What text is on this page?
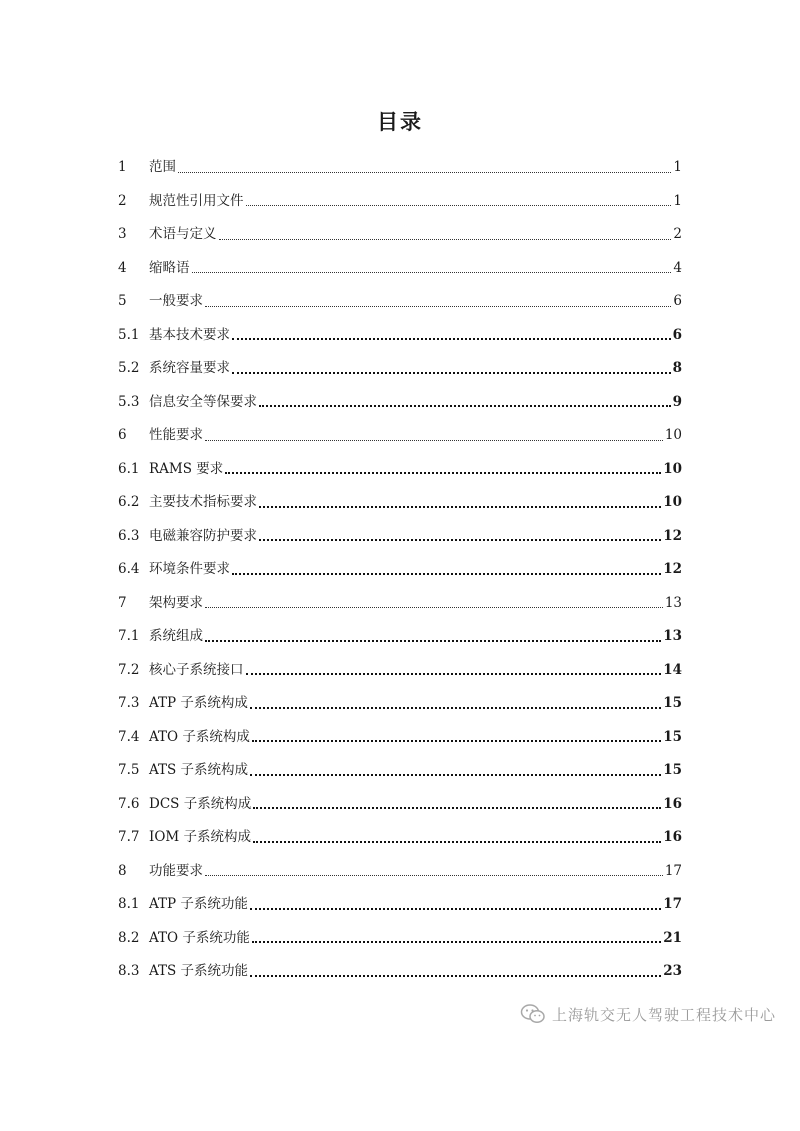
目录
1	范围	1
2	规范性引用文件	1
3	术语与定义	2
4	缩略语	4
5	一般要求	6
5.1 基本技术要求	6
5.2 系统容量要求	8
5.3 信息安全等保要求	9
6	性能要求	10
6.1 RAMS 要求	10
6.2 主要技术指标要求	10
6.3 电磁兼容防护要求	12
6.4 环境条件要求	12
7	架构要求	13
7.1 系统组成	13
7.2 核心子系统接口	14
7.3 ATP 子系统构成	15
7.4 ATO 子系统构成	15
7.5 ATS 子系统构成	15
7.6 DCS 子系统构成	16
7.7 IOM 子系统构成	16
8	功能要求	17
8.1 ATP 子系统功能	17
8.2 ATO 子系统功能	21
8.3 ATS 子系统功能	23
上海轨交无人驾驶工程技术中心
